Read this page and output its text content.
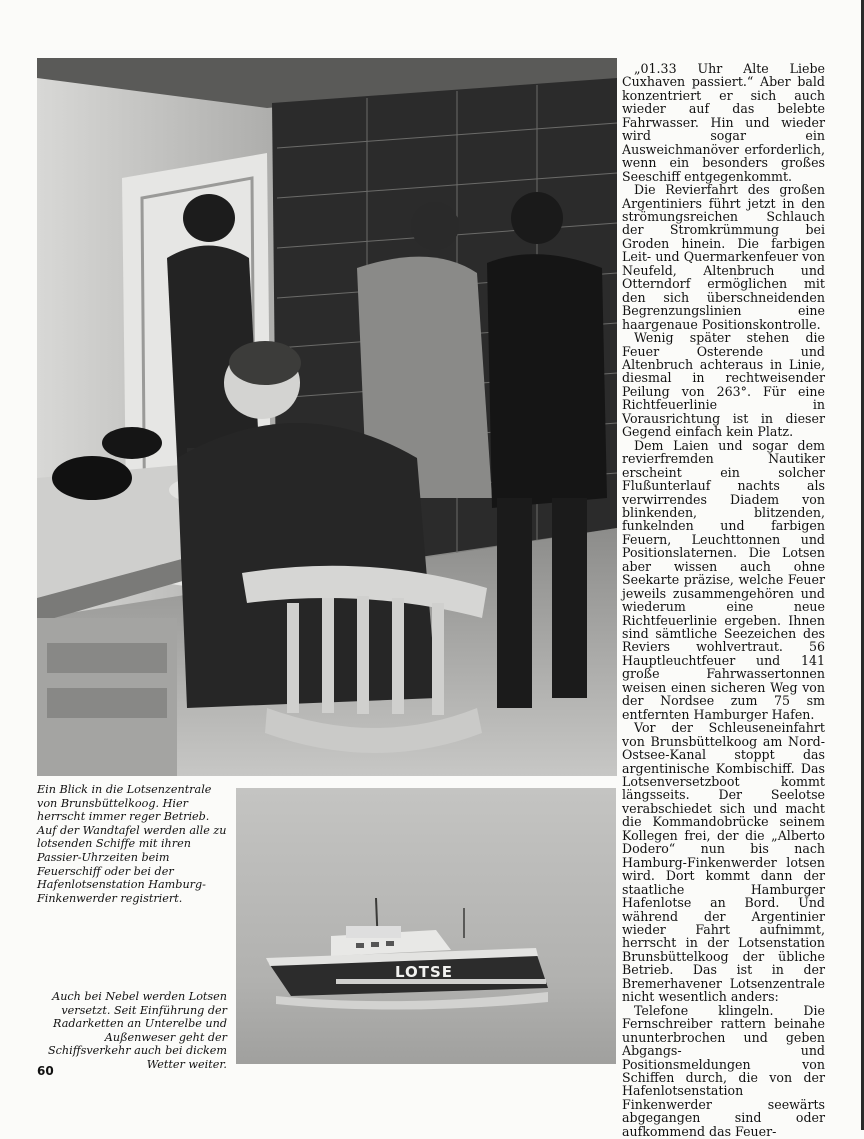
Ein Blick in die Lotsenzentrale von Brunsbüttelkoog. Hier herrscht immer reger Betrieb. Auf der Wandtafel werden alle zu lotsenden Schiffe mit ihren Passier-Uhrzeiten beim Feuerschiff oder bei der Hafenlotsenstation Hamburg-Finkenwerder registriert.

LOTSE

Auch bei Nebel werden Lotsen versetzt. Seit Einführung der Radarketten an Unterelbe und Außenweser geht der Schiffsverkehr auch bei dickem Wetter weiter.

„01.33 Uhr Alte Liebe Cuxhaven passiert.“ Aber bald konzentriert er sich auch wieder auf das belebte Fahrwasser. Hin und wieder wird sogar ein Ausweichmanöver erforderlich, wenn ein besonders großes Seeschiff entgegenkommt.

Die Revierfahrt des großen Argentiniers führt jetzt in den strömungsreichen Schlauch der Stromkrümmung bei Groden hinein. Die farbigen Leit- und Quermarkenfeuer von Neufeld, Altenbruch und Otterndorf ermöglichen mit den sich überschneidenden Begrenzungslinien eine haargenaue Positionskontrolle.

Wenig später stehen die Feuer Osterende und Altenbruch achteraus in Linie, diesmal in rechtweisender Peilung von 263°. Für eine Richtfeuerlinie in Vorausrichtung ist in dieser Gegend einfach kein Platz.

Dem Laien und sogar dem revierfremden Nautiker erscheint ein solcher Flußunterlauf nachts als verwirrendes Diadem von blinkenden, blitzenden, funkelnden und farbigen Feuern, Leuchttonnen und Positionslaternen. Die Lotsen aber wissen auch ohne Seekarte präzise, welche Feuer jeweils zusammengehören und wiederum eine neue Richtfeuerlinie ergeben. Ihnen sind sämtliche Seezeichen des Reviers wohlvertraut. 56 Hauptleuchtfeuer und 141 große Fahrwassertonnen weisen einen sicheren Weg von der Nordsee zum 75 sm entfernten Hamburger Hafen.

Vor der Schleuseneinfahrt von Brunsbüttelkoog am Nord-Ostsee-Kanal stoppt das argentinische Kombischiff. Das Lotsenversetzboot kommt längsseits. Der Seelotse verabschiedet sich und macht die Kommandobrücke seinem Kollegen frei, der die „Alberto Dodero“ nun bis nach Hamburg-Finkenwerder lotsen wird. Dort kommt dann der staatliche Hamburger Hafenlotse an Bord. Und während der Argentinier wieder Fahrt aufnimmt, herrscht in der Lotsenstation Brunsbüttelkoog der übliche Betrieb. Das ist in der Bremerhavener Lotsenzentrale nicht wesentlich anders:

Telefone klingeln. Die Fernschreiber rattern beinahe ununterbrochen und geben Abgangs- und Positionsmeldungen von Schiffen durch, die von der Hafenlotsenstation Finkenwerder seewärts abgegangen sind oder aufkommend das Feuer-

60
